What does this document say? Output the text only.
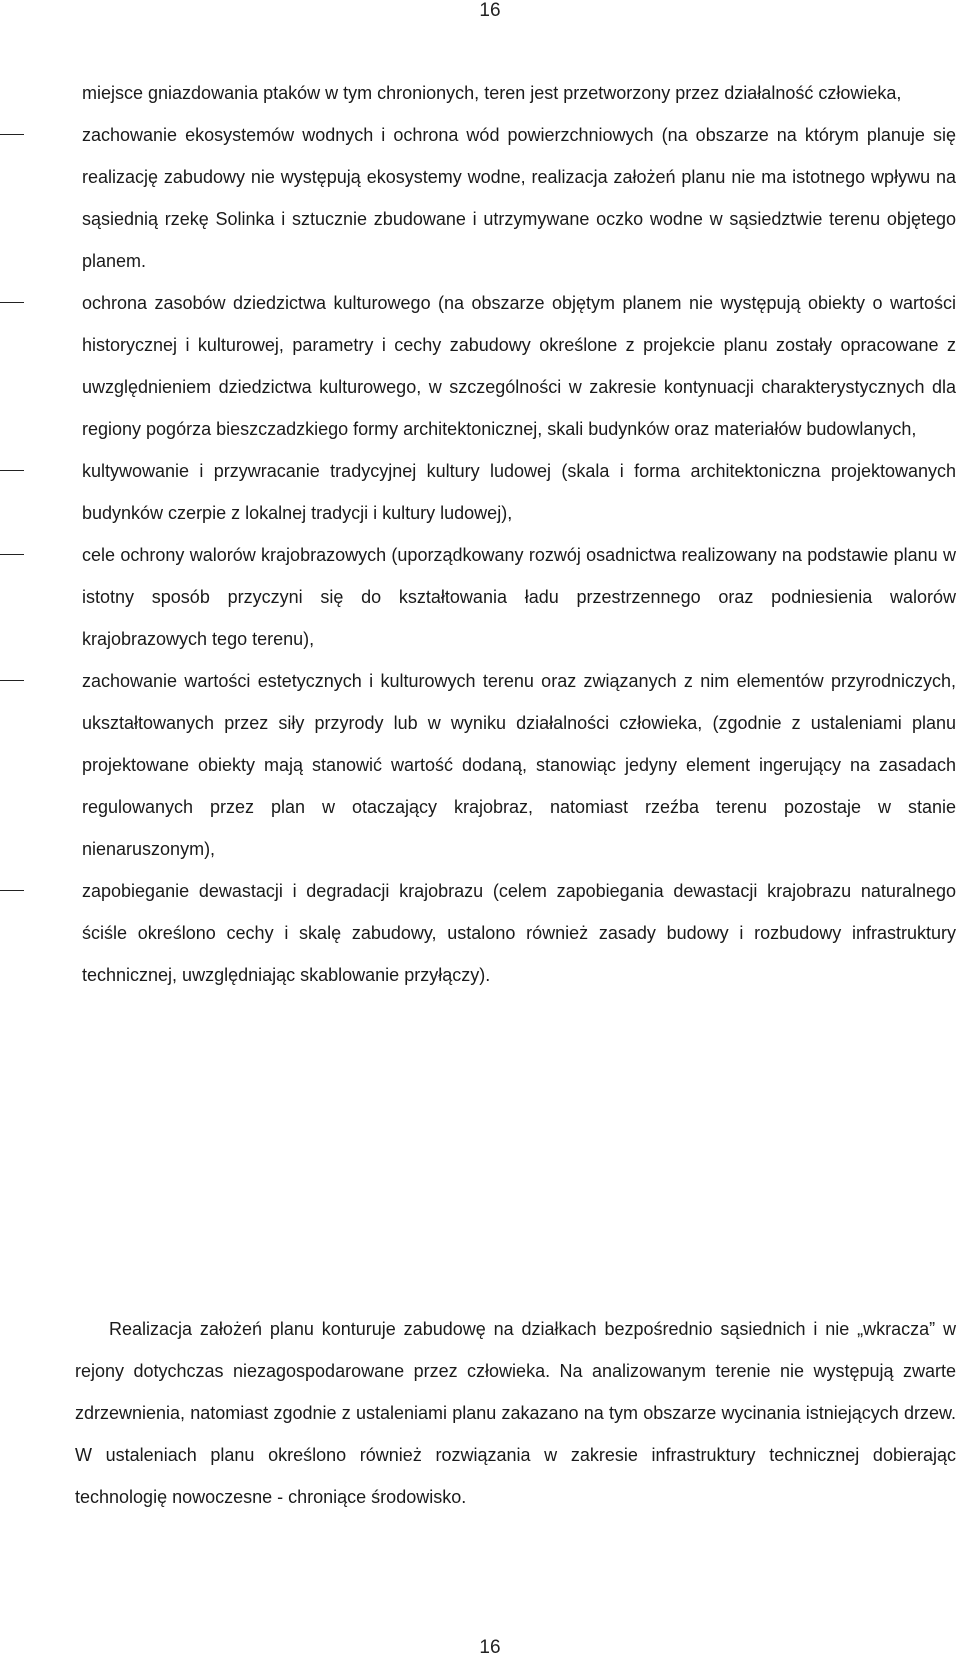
16
miejsce gniazdowania ptaków w tym chronionych, teren jest przetworzony przez działalność człowieka,
zachowanie ekosystemów wodnych i ochrona wód powierzchniowych (na obszarze na którym planuje się realizację zabudowy nie występują ekosystemy wodne, realizacja założeń planu nie ma istotnego wpływu na sąsiednią rzekę Solinka i sztucznie zbudowane i utrzymywane oczko wodne w sąsiedztwie terenu objętego planem.
ochrona zasobów dziedzictwa kulturowego (na obszarze objętym planem nie występują obiekty o wartości historycznej i kulturowej, parametry i cechy zabudowy określone z projekcie planu zostały opracowane z uwzględnieniem dziedzictwa kulturowego, w szczególności w zakresie kontynuacji charakterystycznych dla regiony pogórza bieszczadzkiego formy architektonicznej, skali budynków oraz materiałów budowlanych,
kultywowanie i przywracanie tradycyjnej kultury ludowej (skala i forma architektoniczna projektowanych budynków czerpie z lokalnej tradycji i kultury ludowej),
cele ochrony walorów krajobrazowych (uporządkowany rozwój osadnictwa realizowany na podstawie planu w istotny sposób przyczyni się do kształtowania ładu przestrzennego oraz podniesienia walorów krajobrazowych tego terenu),
zachowanie wartości estetycznych i kulturowych terenu oraz związanych z nim elementów przyrodniczych, ukształtowanych przez siły przyrody lub w wyniku działalności człowieka, (zgodnie z ustaleniami planu projektowane obiekty mają stanowić wartość dodaną, stanowiąc jedyny element ingerujący na zasadach regulowanych przez plan w otaczający krajobraz, natomiast rzeźba terenu pozostaje w stanie nienaruszonym),
zapobieganie dewastacji i degradacji krajobrazu (celem zapobiegania dewastacji krajobrazu naturalnego ściśle określono cechy i skalę zabudowy, ustalono również zasady budowy i rozbudowy infrastruktury technicznej, uwzględniając skablowanie przyłączy).
Realizacja założeń planu konturuje zabudowę na działkach bezpośrednio sąsiednich i nie „wkracza” w rejony dotychczas niezagospodarowane przez człowieka. Na analizowanym terenie nie występują zwarte zdrzewnienia, natomiast zgodnie z ustaleniami planu zakazano na tym obszarze wycinania istniejących drzew. W ustaleniach planu określono również rozwiązania w zakresie infrastruktury technicznej dobierając technologię nowoczesne - chroniące środowisko.
16
